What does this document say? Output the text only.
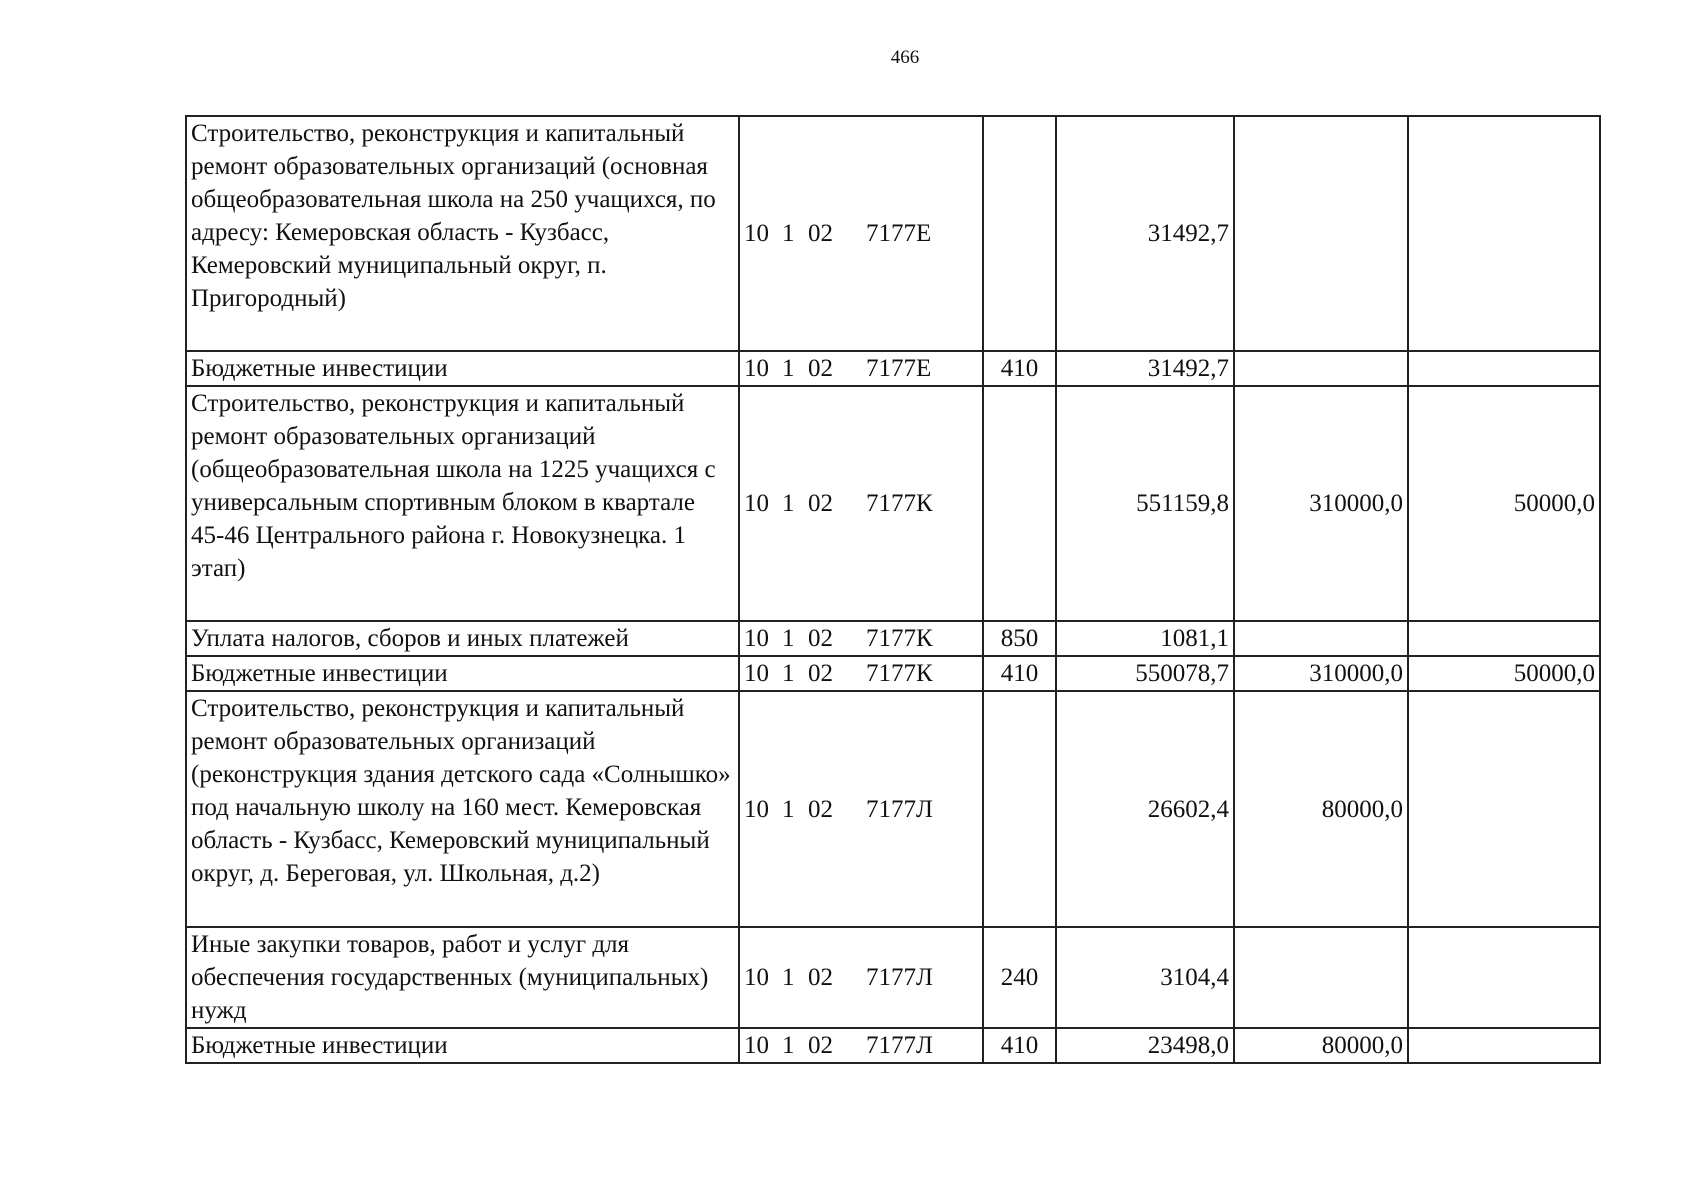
466
Строительство, реконструкция и капитальный ремонт образовательных организаций (основная общеобразовательная школа на 250 учащихся, по адресу: Кемеровская область - Кузбасс, Кемеровский муниципальный округ, п. Пригородный)	10 1 02 7177Е		31492,7		
Бюджетные инвестиции	10 1 02 7177Е	410	31492,7		
Строительство, реконструкция и капитальный ремонт образовательных организаций (общеобразовательная школа на 1225 учащихся с универсальным спортивным блоком в квартале 45-46 Центрального района г. Новокузнецка. 1 этап)	10 1 02 7177К		551159,8	310000,0	50000,0
Уплата налогов, сборов и иных платежей	10 1 02 7177К	850	1081,1		
Бюджетные инвестиции	10 1 02 7177К	410	550078,7	310000,0	50000,0
Строительство, реконструкция и капитальный ремонт образовательных организаций (реконструкция здания детского сада «Солнышко» под начальную школу на 160 мест. Кемеровская область - Кузбасс, Кемеровский муниципальный округ, д. Береговая, ул. Школьная, д.2)	10 1 02 7177Л		26602,4	80000,0	
Иные закупки товаров, работ и услуг для обеспечения государственных (муниципальных) нужд	10 1 02 7177Л	240	3104,4		
Бюджетные инвестиции	10 1 02 7177Л	410	23498,0	80000,0	
